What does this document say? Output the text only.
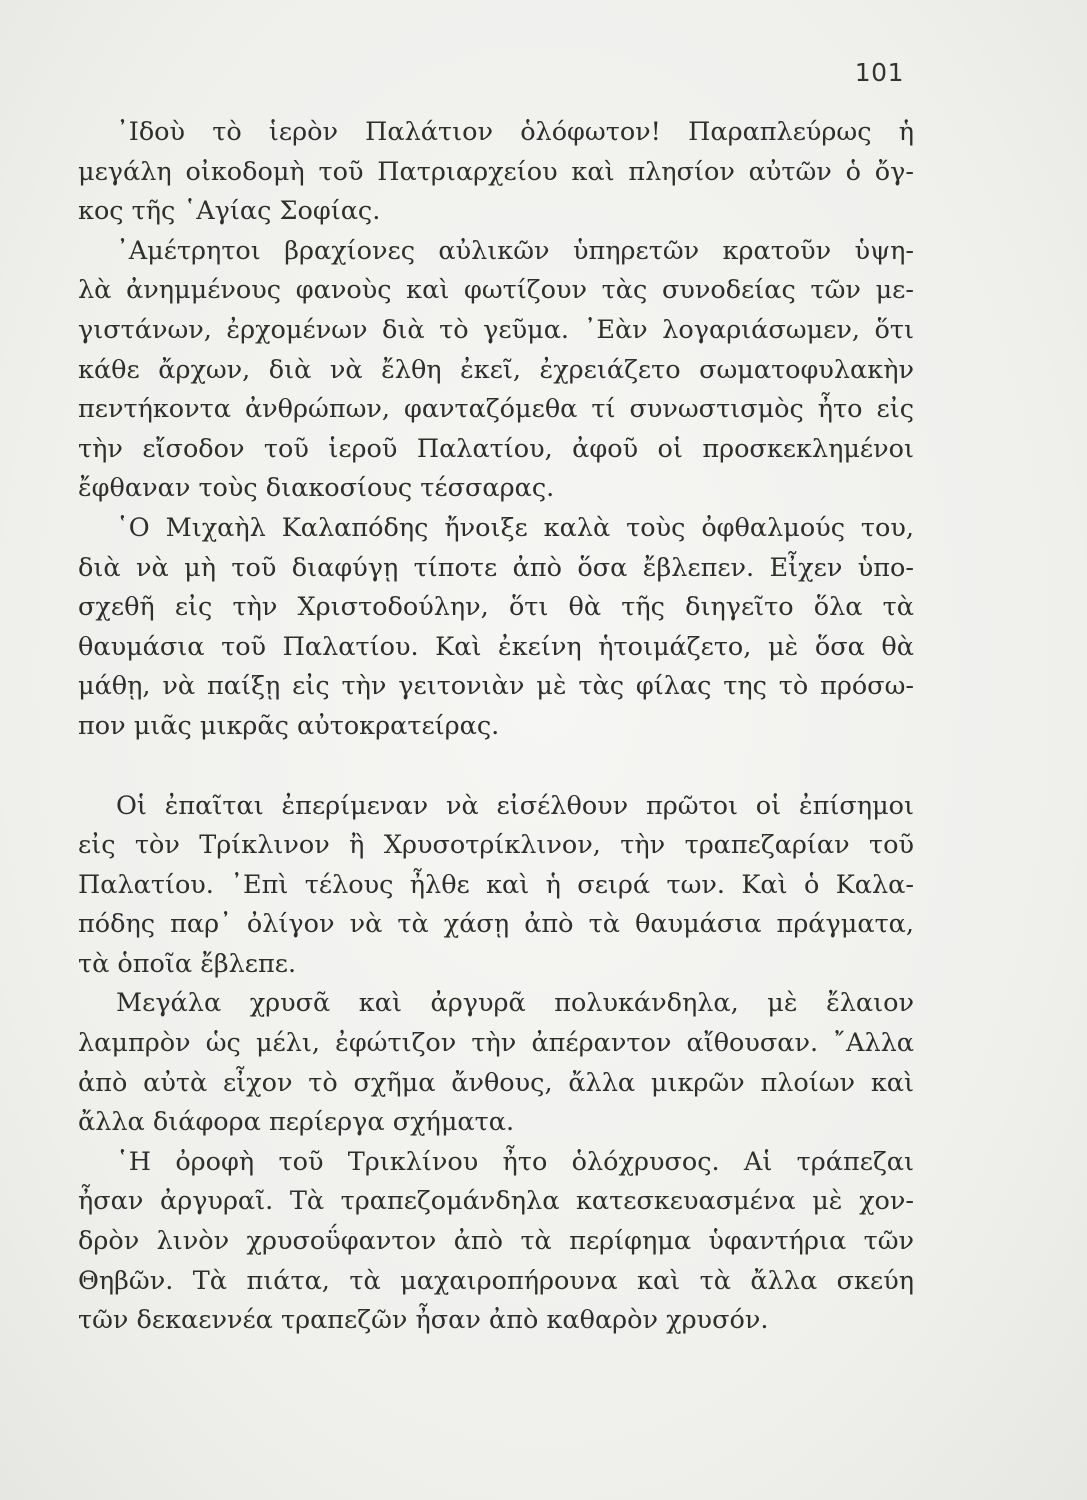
101
᾿Ιδοὺ τὸ ἱερὸν Παλάτιον ὁλόφωτον! Παραπλεύρως ἡ
μεγάλη οἰκοδομὴ τοῦ Πατριαρχείου καὶ πλησίον αὐτῶν ὁ ὄγ-
κος τῆς ῾Αγίας Σοφίας.
᾿Αμέτρητοι βραχίονες αὐλικῶν ὑπηρετῶν κρατοῦν ὑψη-
λὰ ἀνημμένους φανοὺς καὶ φωτίζουν τὰς συνοδείας τῶν με-
γιστάνων, ἐρχομένων διὰ τὸ γεῦμα. ᾿Εὰν λογαριάσωμεν, ὅτι
κάθε ἄρχων, διὰ νὰ ἔλθη ἐκεῖ, ἐχρειάζετο σωματοφυλακὴν
πεντήκοντα ἀνθρώπων, φανταζόμεθα τί συνωστισμὸς ἦτο εἰς
τὴν εἴσοδον τοῦ ἱεροῦ Παλατίου, ἀφοῦ οἱ προσκεκλημένοι
ἔφθαναν τοὺς διακοσίους τέσσαρας.
῾Ο Μιχαὴλ Καλαπόδης ἤνοιξε καλὰ τοὺς ὀφθαλμούς του,
διὰ νὰ μὴ τοῦ διαφύγῃ τίποτε ἀπὸ ὅσα ἔβλεπεν. Εἶχεν ὑπο-
σχεθῆ εἰς τὴν Χριστοδούλην, ὅτι θὰ τῆς διηγεῖτο ὅλα τὰ
θαυμάσια τοῦ Παλατίου. Καὶ ἐκείνη ἡτοιμάζετο, μὲ ὅσα θὰ
μάθῃ, νὰ παίξῃ εἰς τὴν γειτονιὰν μὲ τὰς φίλας της τὸ πρόσω-
πον μιᾶς μικρᾶς αὐτοκρατείρας.
Οἱ ἐπαῖται ἐπερίμεναν νὰ εἰσέλθουν πρῶτοι οἱ ἐπίσημοι
εἰς τὸν Τρίκλινον ἢ Χρυσοτρίκλινον, τὴν τραπεζαρίαν τοῦ
Παλατίου. ᾿Επὶ τέλους ἦλθε καὶ ἡ σειρά των. Καὶ ὁ Καλα-
πόδης παρ᾿ ὀλίγον νὰ τὰ χάσῃ ἀπὸ τὰ θαυμάσια πράγματα,
τὰ ὁποῖα ἔβλεπε.
Μεγάλα χρυσᾶ καὶ ἀργυρᾶ πολυκάνδηλα, μὲ ἔλαιον
λαμπρὸν ὡς μέλι, ἐφώτιζον τὴν ἀπέραντον αἴθουσαν. ῎Αλλα
ἀπὸ αὐτὰ εἶχον τὸ σχῆμα ἄνθους, ἄλλα μικρῶν πλοίων καὶ
ἄλλα διάφορα περίεργα σχήματα.
῾Η ὀροφὴ τοῦ Τρικλίνου ἦτο ὁλόχρυσος. Αἱ τράπεζαι
ἦσαν ἀργυραῖ. Τὰ τραπεζομάνδηλα κατεσκευασμένα μὲ χον-
δρὸν λινὸν χρυσοΰφαντον ἀπὸ τὰ περίφημα ὑφαντήρια τῶν
Θηβῶν. Τὰ πιάτα, τὰ μαχαιροπήρουνα καὶ τὰ ἄλλα σκεύη
τῶν δεκαεννέα τραπεζῶν ἦσαν ἀπὸ καθαρὸν χρυσόν.
